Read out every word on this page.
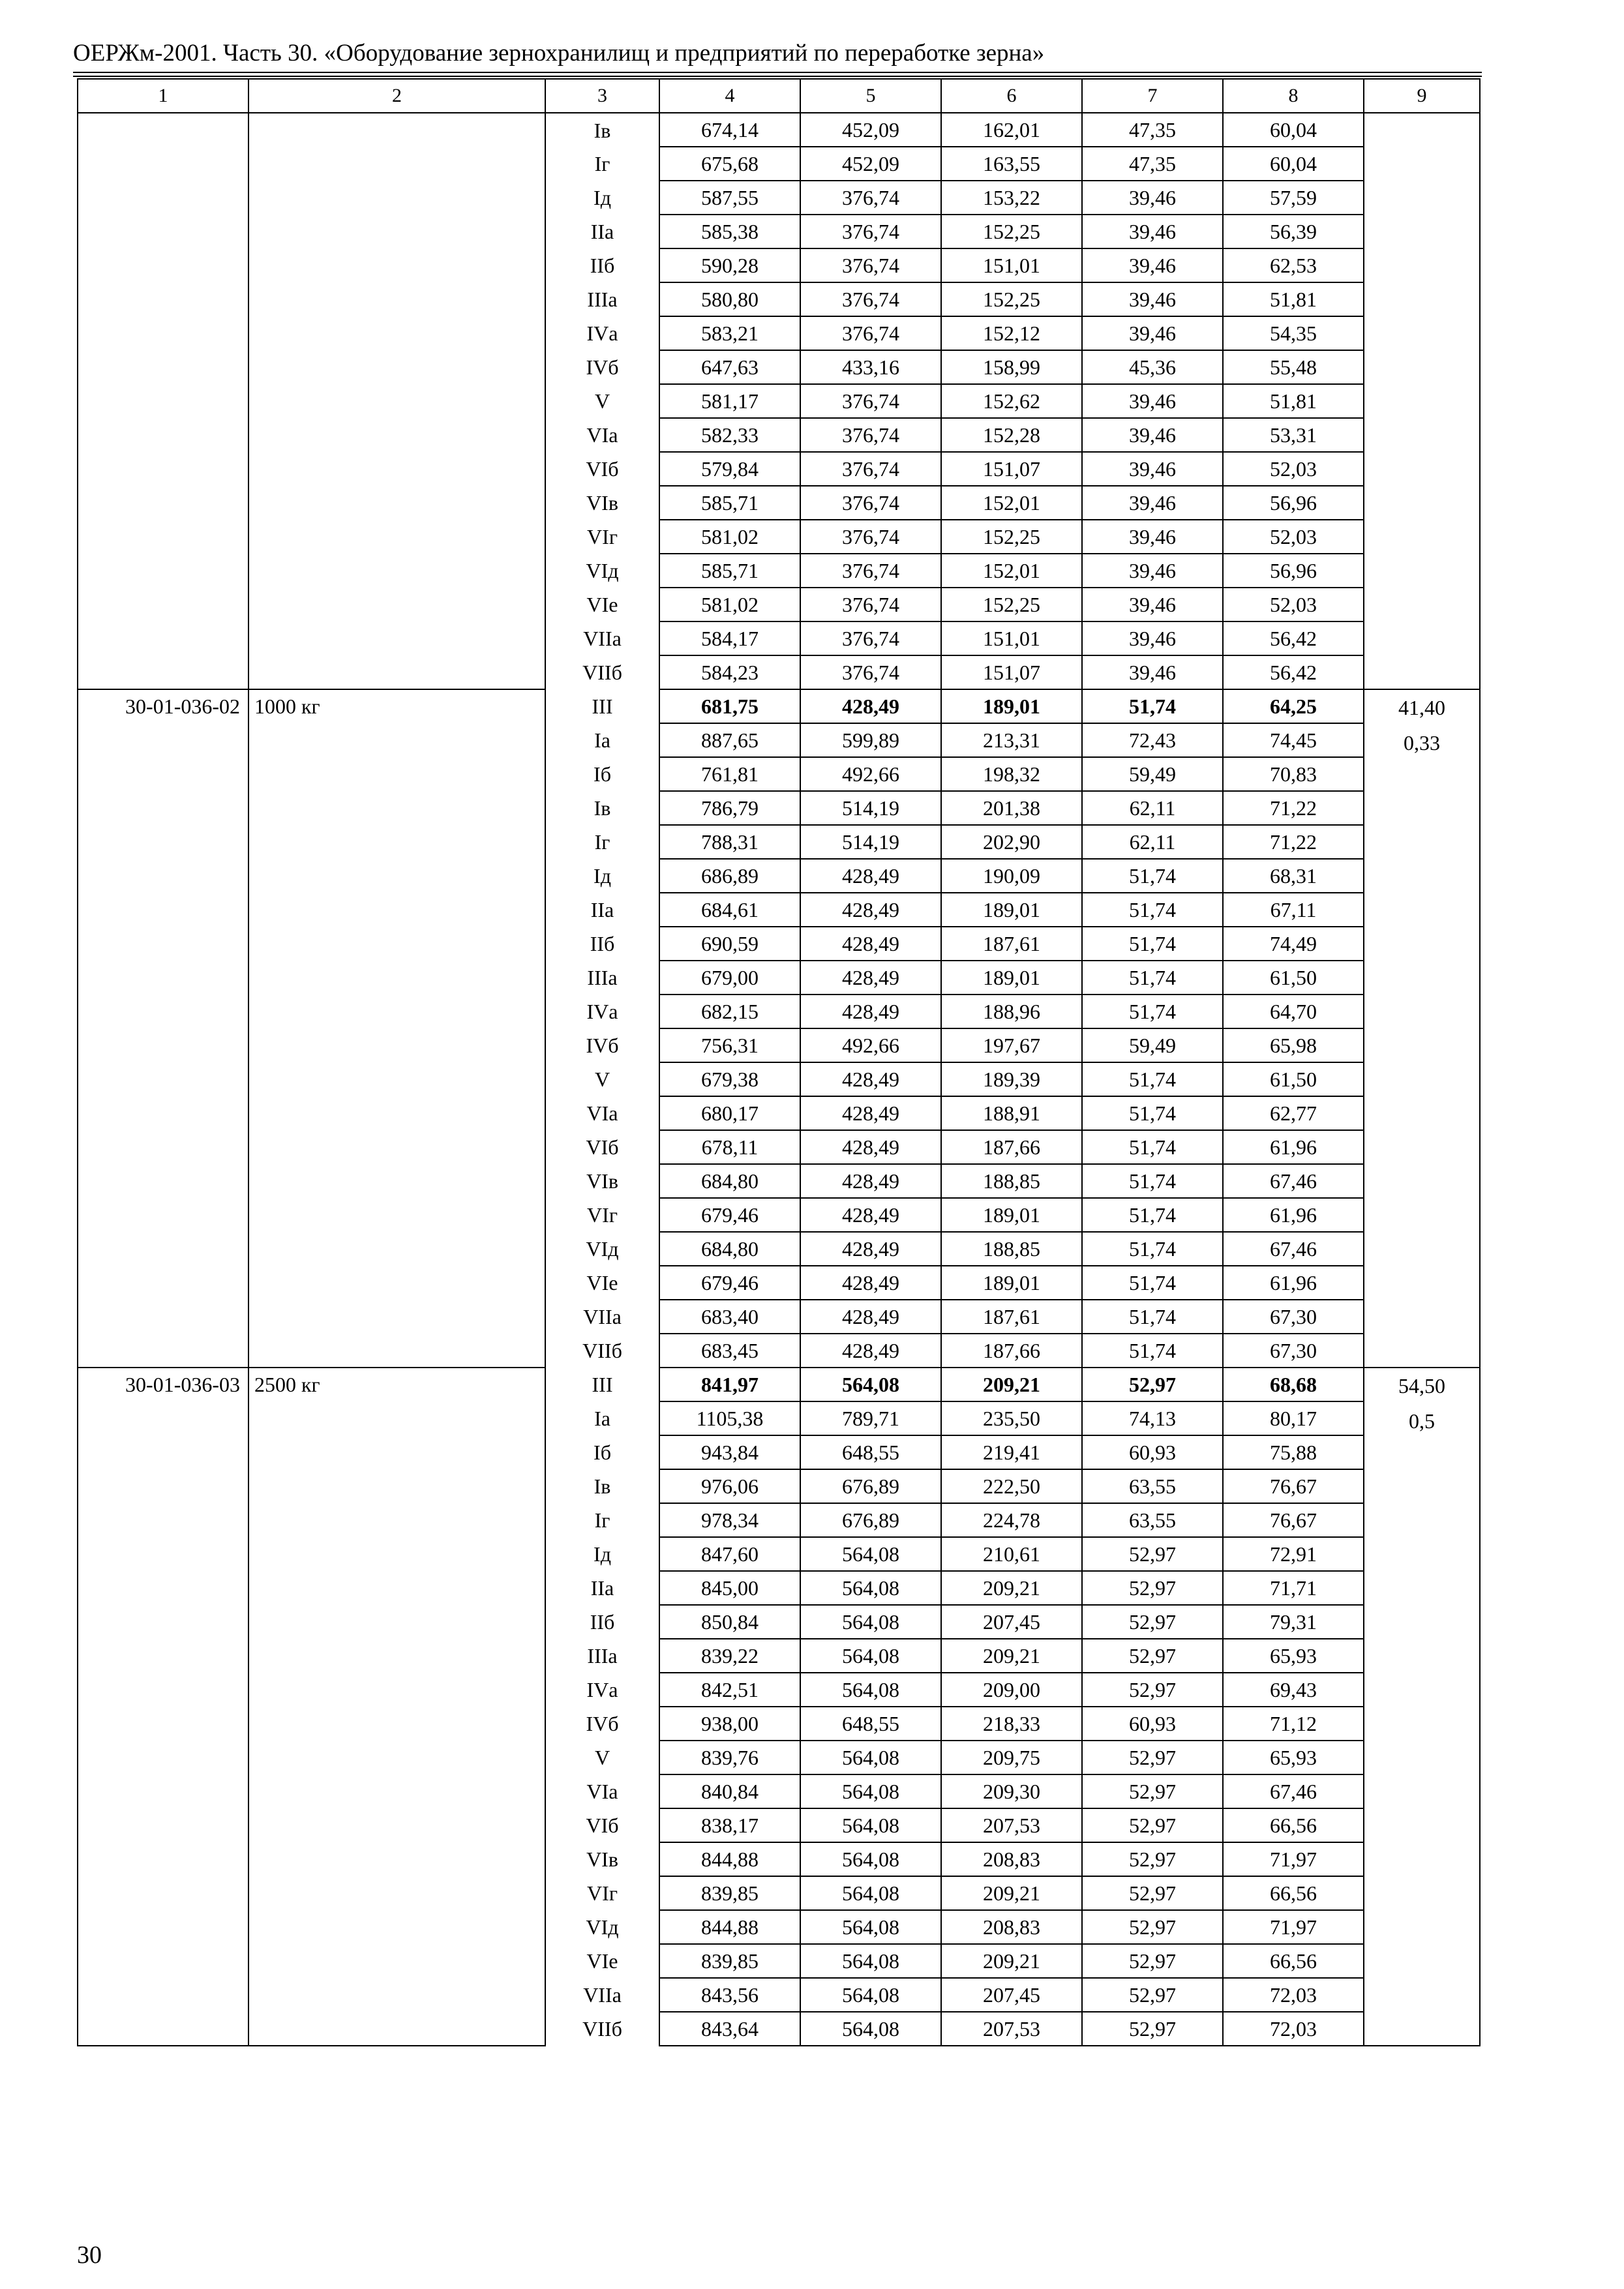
ОЕРЖм-2001. Часть 30. «Оборудование зернохранилищ и предприятий по переработке зерна»
1	2	3	4	5	6	7	8	9
		Iв	674,14	452,09	162,01	47,35	60,04	
		Iг	675,68	452,09	163,55	47,35	60,04	
		Iд	587,55	376,74	153,22	39,46	57,59	
		IIа	585,38	376,74	152,25	39,46	56,39	
		IIб	590,28	376,74	151,01	39,46	62,53	
		IIIа	580,80	376,74	152,25	39,46	51,81	
		IVа	583,21	376,74	152,12	39,46	54,35	
		IVб	647,63	433,16	158,99	45,36	55,48	
		V	581,17	376,74	152,62	39,46	51,81	
		VIа	582,33	376,74	152,28	39,46	53,31	
		VIб	579,84	376,74	151,07	39,46	52,03	
		VIв	585,71	376,74	152,01	39,46	56,96	
		VIг	581,02	376,74	152,25	39,46	52,03	
		VIд	585,71	376,74	152,01	39,46	56,96	
		VIе	581,02	376,74	152,25	39,46	52,03	
		VIIа	584,17	376,74	151,01	39,46	56,42	
		VIIб	584,23	376,74	151,07	39,46	56,42	
30-01-036-02	1000 кг	III	681,75	428,49	189,01	51,74	64,25	41,40
0,33

		Iа	887,65	599,89	213,31	72,43	74,45	
		Iб	761,81	492,66	198,32	59,49	70,83	
		Iв	786,79	514,19	201,38	62,11	71,22	
		Iг	788,31	514,19	202,90	62,11	71,22	
		Iд	686,89	428,49	190,09	51,74	68,31	
		IIа	684,61	428,49	189,01	51,74	67,11	
		IIб	690,59	428,49	187,61	51,74	74,49	
		IIIа	679,00	428,49	189,01	51,74	61,50	
		IVа	682,15	428,49	188,96	51,74	64,70	
		IVб	756,31	492,66	197,67	59,49	65,98	
		V	679,38	428,49	189,39	51,74	61,50	
		VIа	680,17	428,49	188,91	51,74	62,77	
		VIб	678,11	428,49	187,66	51,74	61,96	
		VIв	684,80	428,49	188,85	51,74	67,46	
		VIг	679,46	428,49	189,01	51,74	61,96	
		VIд	684,80	428,49	188,85	51,74	67,46	
		VIе	679,46	428,49	189,01	51,74	61,96	
		VIIа	683,40	428,49	187,61	51,74	67,30	
		VIIб	683,45	428,49	187,66	51,74	67,30	
30-01-036-03	2500 кг	III	841,97	564,08	209,21	52,97	68,68	54,50
0,5

		Iа	1105,38	789,71	235,50	74,13	80,17	
		Iб	943,84	648,55	219,41	60,93	75,88	
		Iв	976,06	676,89	222,50	63,55	76,67	
		Iг	978,34	676,89	224,78	63,55	76,67	
		Iд	847,60	564,08	210,61	52,97	72,91	
		IIа	845,00	564,08	209,21	52,97	71,71	
		IIб	850,84	564,08	207,45	52,97	79,31	
		IIIа	839,22	564,08	209,21	52,97	65,93	
		IVа	842,51	564,08	209,00	52,97	69,43	
		IVб	938,00	648,55	218,33	60,93	71,12	
		V	839,76	564,08	209,75	52,97	65,93	
		VIа	840,84	564,08	209,30	52,97	67,46	
		VIб	838,17	564,08	207,53	52,97	66,56	
		VIв	844,88	564,08	208,83	52,97	71,97	
		VIг	839,85	564,08	209,21	52,97	66,56	
		VIд	844,88	564,08	208,83	52,97	71,97	
		VIе	839,85	564,08	209,21	52,97	66,56	
		VIIа	843,56	564,08	207,45	52,97	72,03	
		VIIб	843,64	564,08	207,53	52,97	72,03	
30
